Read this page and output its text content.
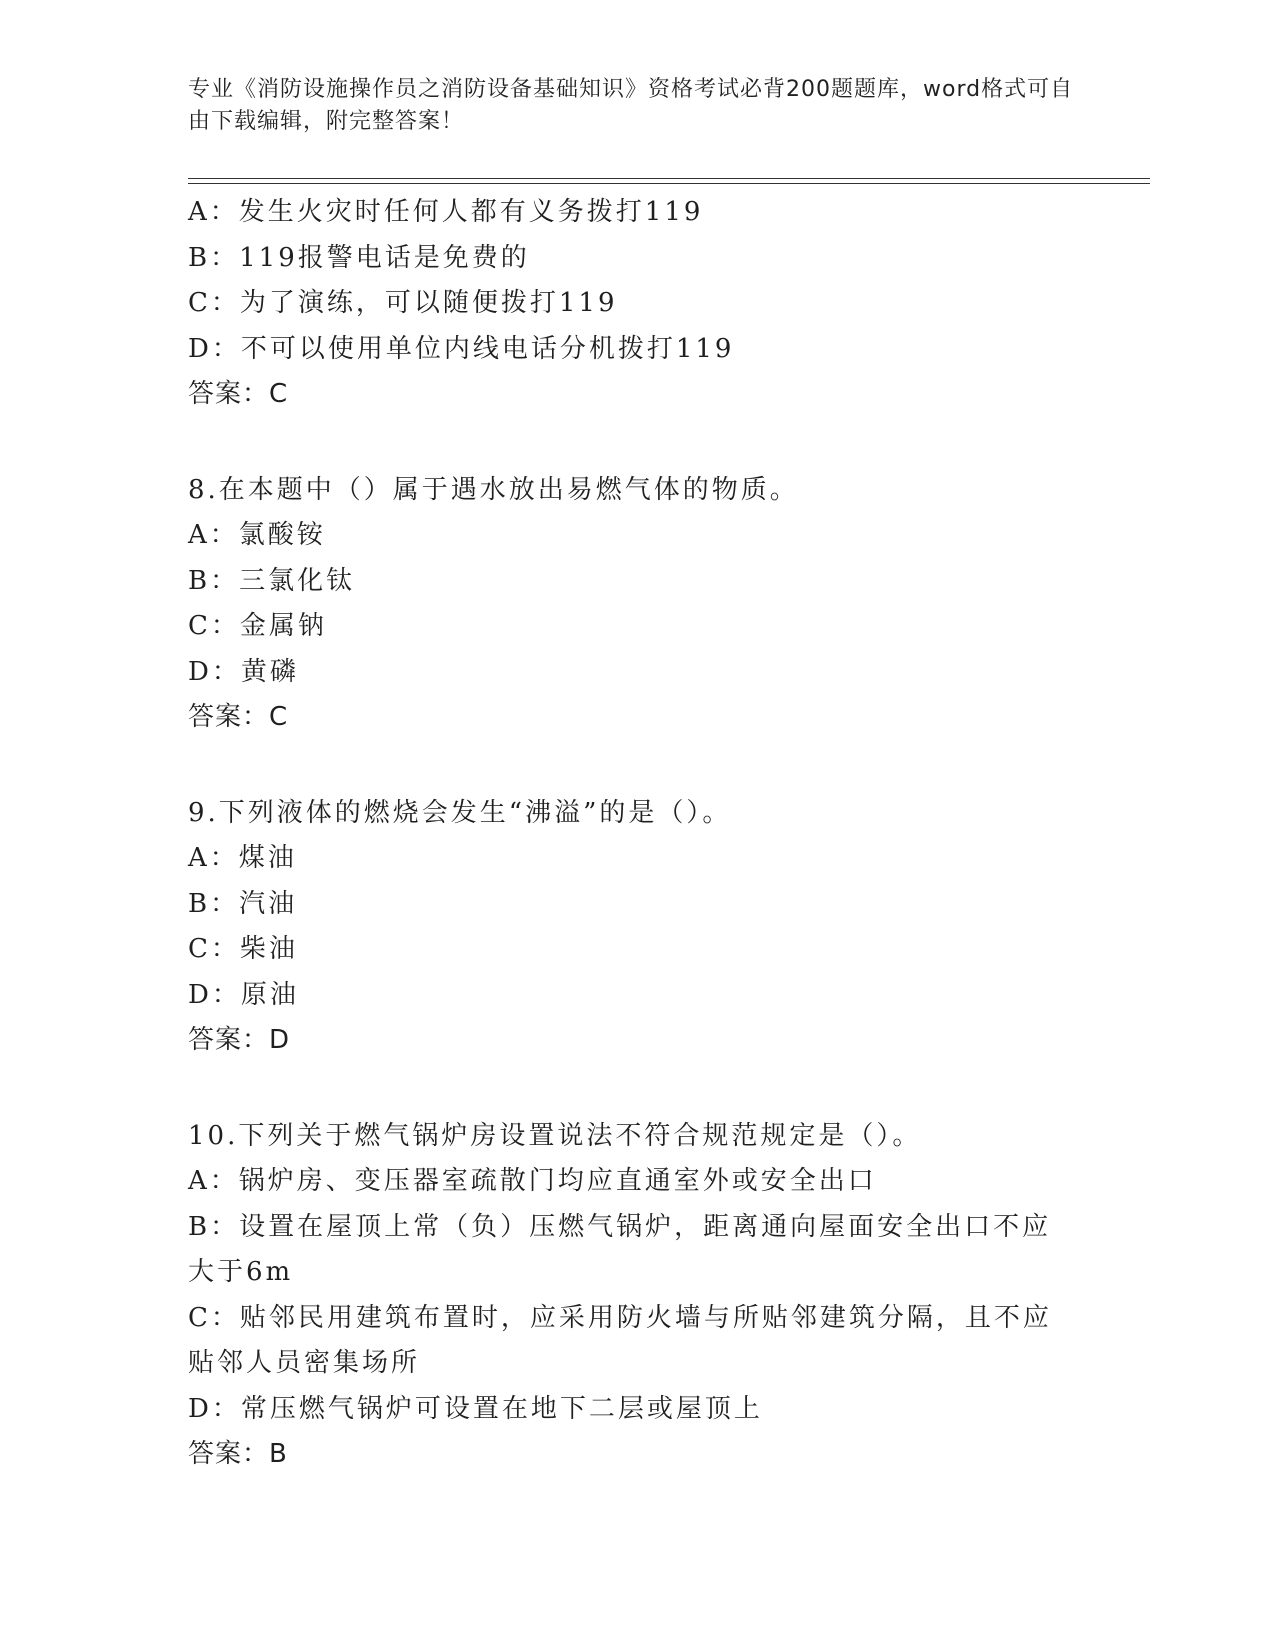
专业《消防设施操作员之消防设备基础知识》资格考试必背200题题库，word格式可自由下载编辑，附完整答案！
A：发生火灾时任何人都有义务拨打119
B：119报警电话是免费的
C：为了演练，可以随便拨打119
D：不可以使用单位内线电话分机拨打119
答案：C
8.在本题中（）属于遇水放出易燃气体的物质。
A：氯酸铵
B：三氯化钛
C：金属钠
D：黄磷
答案：C
9.下列液体的燃烧会发生“沸溢”的是（）。
A：煤油
B：汽油
C：柴油
D：原油
答案：D
10.下列关于燃气锅炉房设置说法不符合规范规定是（）。
A：锅炉房、变压器室疏散门均应直通室外或安全出口
B：设置在屋顶上常（负）压燃气锅炉，距离通向屋面安全出口不应大于6m
C：贴邻民用建筑布置时，应采用防火墙与所贴邻建筑分隔，且不应贴邻人员密集场所
D：常压燃气锅炉可设置在地下二层或屋顶上
答案：B
